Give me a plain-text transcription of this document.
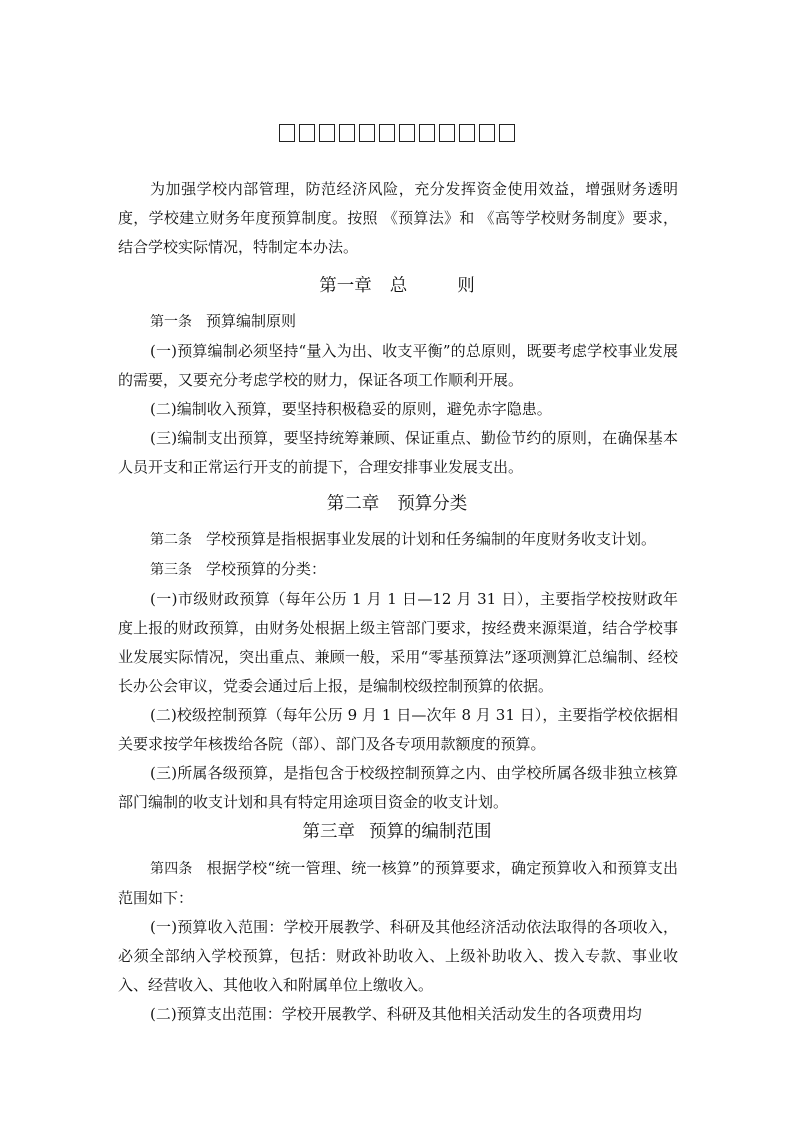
为加强学校内部管理，防范经济风险，充分发挥资金使用效益，增强财务透明度，学校建立财务年度预算制度。按照 《预算法》和 《高等学校财务制度》要求，结合学校实际情况，特制定本办法。

第一章 总	则

第一条 预算编制原则

(一)预算编制必须坚持“量入为出、收支平衡”的总原则，既要考虑学校事业发展的需要，又要充分考虑学校的财力，保证各项工作顺利开展。

(二)编制收入预算，要坚持积极稳妥的原则，避免赤字隐患。

(三)编制支出预算，要坚持统筹兼顾、保证重点、勤俭节约的原则，在确保基本人员开支和正常运行开支的前提下，合理安排事业发展支出。

第二章 预算分类

第二条 学校预算是指根据事业发展的计划和任务编制的年度财务收支计划。

第三条 学校预算的分类：

(一)市级财政预算（每年公历 1 月 1 日—12 月 31 日），主要指学校按财政年度上报的财政预算，由财务处根据上级主管部门要求，按经费来源渠道，结合学校事业发展实际情况，突出重点、兼顾一般，采用“零基预算法”逐项测算汇总编制、经校长办公会审议，党委会通过后上报，是编制校级控制预算的依据。

(二)校级控制预算（每年公历 9 月 1 日—次年 8 月 31 日），主要指学校依据相关要求按学年核拨给各院（部）、部门及各专项用款额度的预算。

(三)所属各级预算，是指包含于校级控制预算之内、由学校所属各级非独立核算部门编制的收支计划和具有特定用途项目资金的收支计划。

第三章 预算的编制范围

第四条 根据学校“统一管理、统一核算”的预算要求，确定预算收入和预算支出范围如下：

(一)预算收入范围：学校开展教学、科研及其他经济活动依法取得的各项收入，必须全部纳入学校预算，包括：财政补助收入、上级补助收入、拨入专款、事业收入、经营收入、其他收入和附属单位上缴收入。

(二)预算支出范围：学校开展教学、科研及其他相关活动发生的各项费用均
